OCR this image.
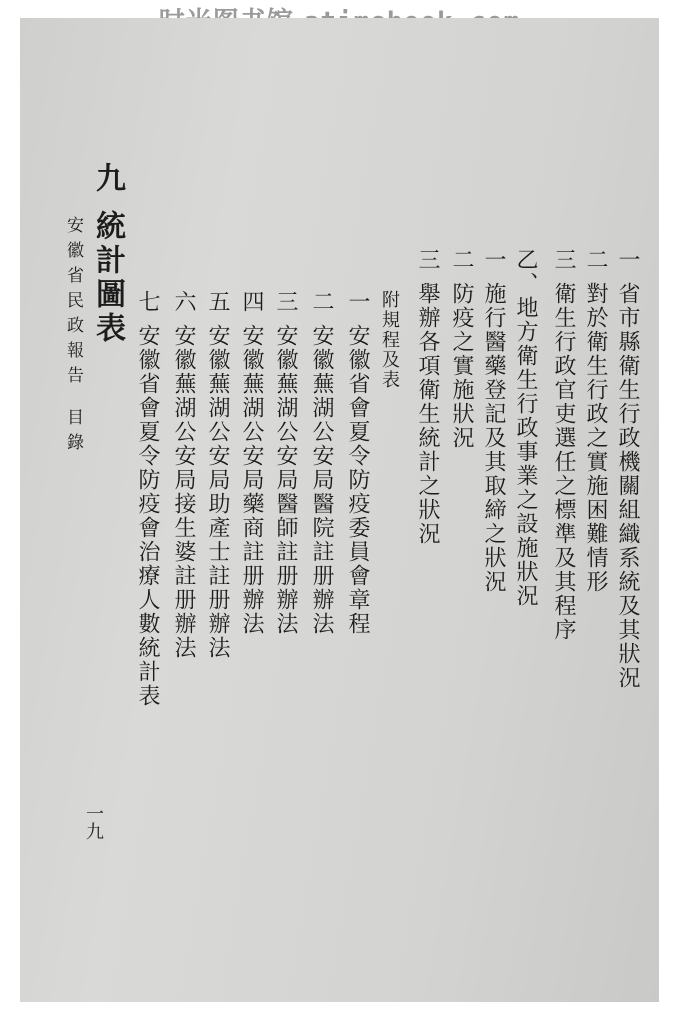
一省市縣衛生行政機關組織系統及其狀況
二對於衛生行政之實施困難情形
三衛生行政官吏選任之標準及其程序
乙、地方衛生行政事業之設施狀況
一施行醫藥登記及其取締之狀況
二防疫之實施狀況
三舉辦各項衛生統計之狀況
附規程及表
一安徽省會夏令防疫委員會章程
二安徽蕪湖公安局醫院註册辦法
三安徽蕪湖公安局醫師註册辦法
四安徽蕪湖公安局藥商註册辦法
五安徽蕪湖公安局助產士註册辦法
六安徽蕪湖公安局接生婆註册辦法
七安徽省會夏令防疫會治療人數統計表
九
統計圖表
安徽省民政報告
目錄
一九
